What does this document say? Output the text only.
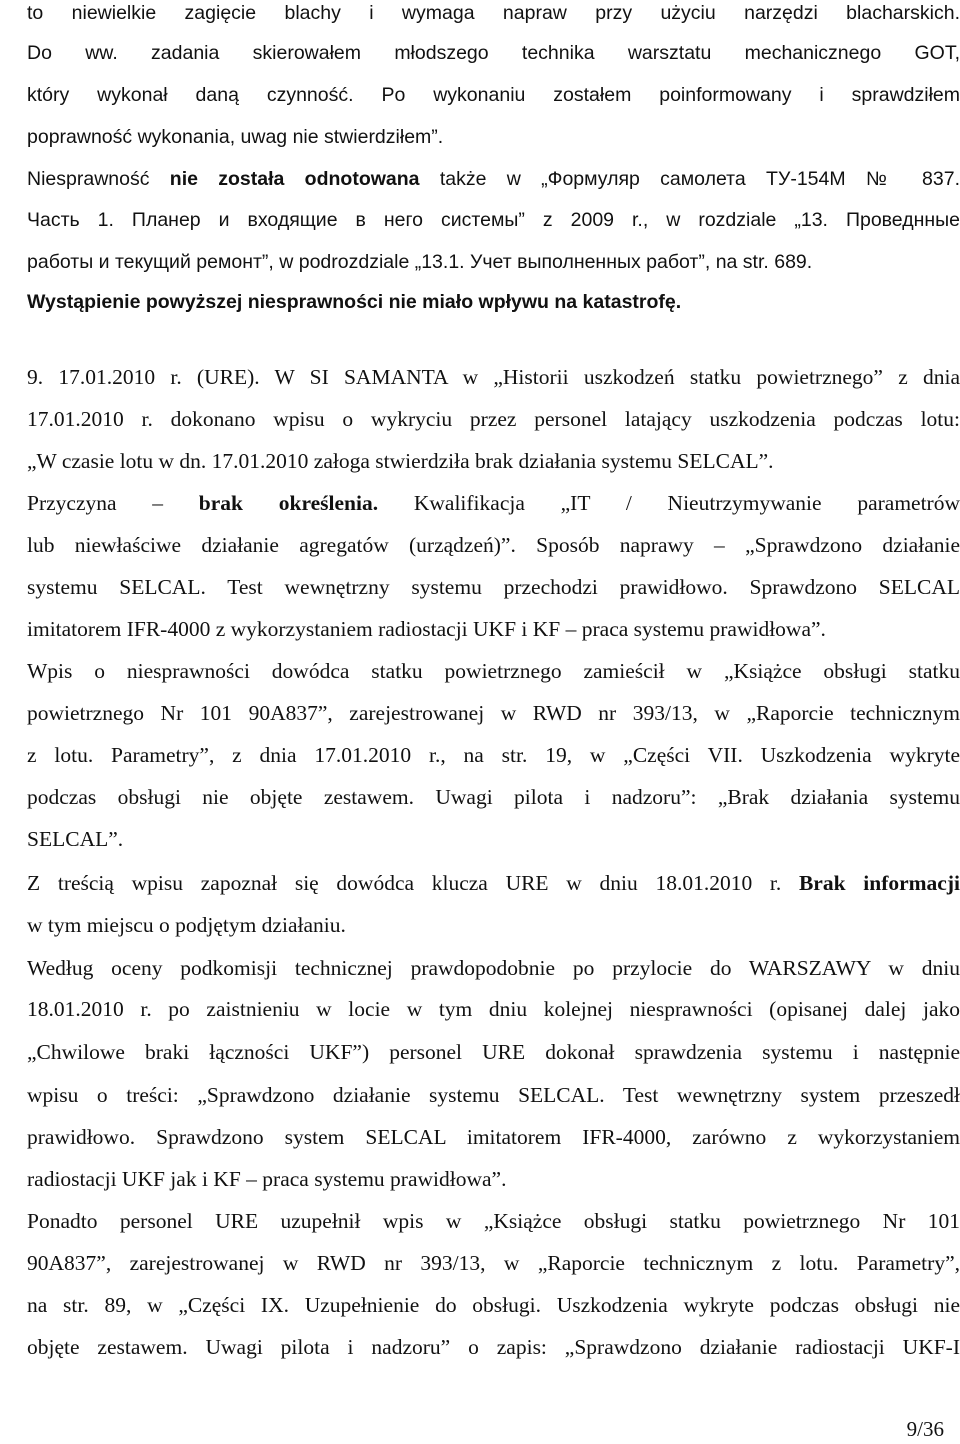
to niewielkie zagięcie blachy i wymaga napraw przy użyciu narzędzi blacharskich.

Do ww. zadania skierowałem młodszego technika warsztatu mechanicznego GOT,

który wykonał daną czynność. Po wykonaniu zostałem poinformowany i sprawdziłem

poprawność wykonania, uwag nie stwierdziłem”.

Niesprawność nie została odnotowana także w „Формуляр самолета ТУ-154М № 837.

Часть 1. Планер и входящие в него системы” z 2009 r., w rozdziale „13. Проведнные

работы и текущий ремонт”, w podrozdziale „13.1. Учет выполненных работ”, na str. 689.

Wystąpienie powyższej niesprawności nie miało wpływu na katastrofę.

9. 17.01.2010 r. (URE). W SI SAMANTA w „Historii uszkodzeń statku powietrznego” z dnia

17.01.2010 r. dokonano wpisu o wykryciu przez personel latający uszkodzenia podczas lotu:

„W czasie lotu w dn. 17.01.2010 załoga stwierdziła brak działania systemu SELCAL”.

Przyczyna – brak określenia. Kwalifikacja „IT / Nieutrzymywanie parametrów

lub niewłaściwe działanie agregatów (urządzeń)”. Sposób naprawy – „Sprawdzono działanie

systemu SELCAL. Test wewnętrzny systemu przechodzi prawidłowo. Sprawdzono SELCAL

imitatorem IFR-4000 z wykorzystaniem radiostacji UKF i KF – praca systemu prawidłowa”.

Wpis o niesprawności dowódca statku powietrznego zamieścił w „Książce obsługi statku

powietrznego Nr 101 90A837”, zarejestrowanej w RWD nr 393/13, w „Raporcie technicznym

z lotu. Parametry”, z dnia 17.01.2010 r., na str. 19, w „Części VII. Uszkodzenia wykryte

podczas obsługi nie objęte zestawem. Uwagi pilota i nadzoru”: „Brak działania systemu

SELCAL”.

Z treścią wpisu zapoznał się dowódca klucza URE w dniu 18.01.2010 r. Brak informacji

w tym miejscu o podjętym działaniu.

Według oceny podkomisji technicznej prawdopodobnie po przylocie do WARSZAWY w dniu

18.01.2010 r. po zaistnieniu w locie w tym dniu kolejnej niesprawności (opisanej dalej jako

„Chwilowe braki łączności UKF”) personel URE dokonał sprawdzenia systemu i następnie

wpisu o treści: „Sprawdzono działanie systemu SELCAL. Test wewnętrzny system przeszedł

prawidłowo. Sprawdzono system SELCAL imitatorem IFR-4000, zarówno z wykorzystaniem

radiostacji UKF jak i KF – praca systemu prawidłowa”.

Ponadto personel URE uzupełnił wpis w „Książce obsługi statku powietrznego Nr 101

90A837”, zarejestrowanej w RWD nr 393/13, w „Raporcie technicznym z lotu. Parametry”,

na str. 89, w „Części IX. Uzupełnienie do obsługi. Uszkodzenia wykryte podczas obsługi nie

objęte zestawem. Uwagi pilota i nadzoru” o zapis: „Sprawdzono działanie radiostacji UKF-I

9/36
